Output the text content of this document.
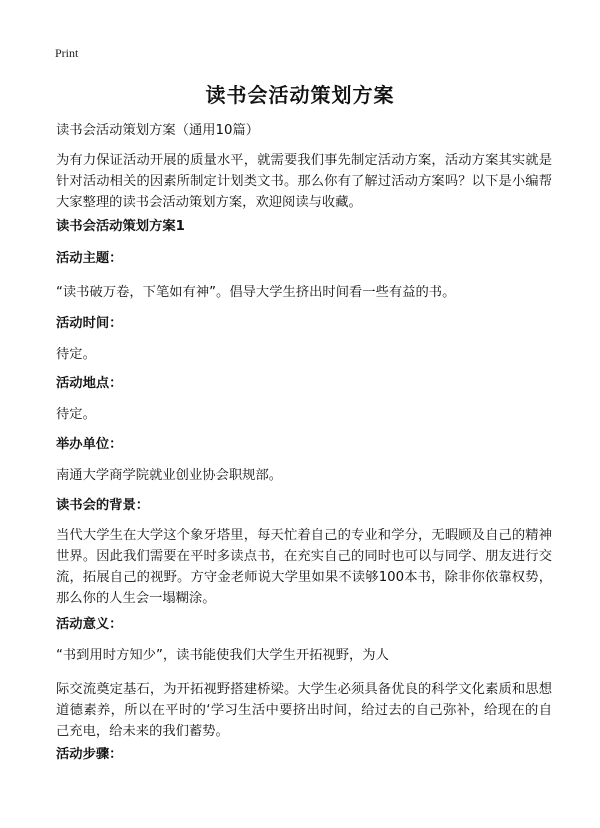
Print
读书会活动策划方案

读书会活动策划方案（通用10篇）

为有力保证活动开展的质量水平，就需要我们事先制定活动方案，活动方案其实就是针对活动相关的因素所制定计划类文书。那么你有了解过活动方案吗？以下是小编帮大家整理的读书会活动策划方案，欢迎阅读与收藏。

读书会活动策划方案1

活动主题：

“读书破万卷，下笔如有神”。倡导大学生挤出时间看一些有益的书。

活动时间：

待定。

活动地点：

待定。

举办单位：

南通大学商学院就业创业协会职规部。

读书会的背景：

当代大学生在大学这个象牙塔里，每天忙着自己的专业和学分，无暇顾及自己的精神世界。因此我们需要在平时多读点书，在充实自己的同时也可以与同学、朋友进行交流，拓展自己的视野。方守金老师说大学里如果不读够100本书，除非你依靠权势，那么你的人生会一塌糊涂。

活动意义：

“书到用时方知少”，读书能使我们大学生开拓视野，为人

际交流奠定基石，为开拓视野搭建桥梁。大学生必须具备优良的科学文化素质和思想道德素养，所以在平时的‘学习生活中要挤出时间，给过去的自己弥补，给现在的自己充电，给未来的我们蓄势。

活动步骤：
